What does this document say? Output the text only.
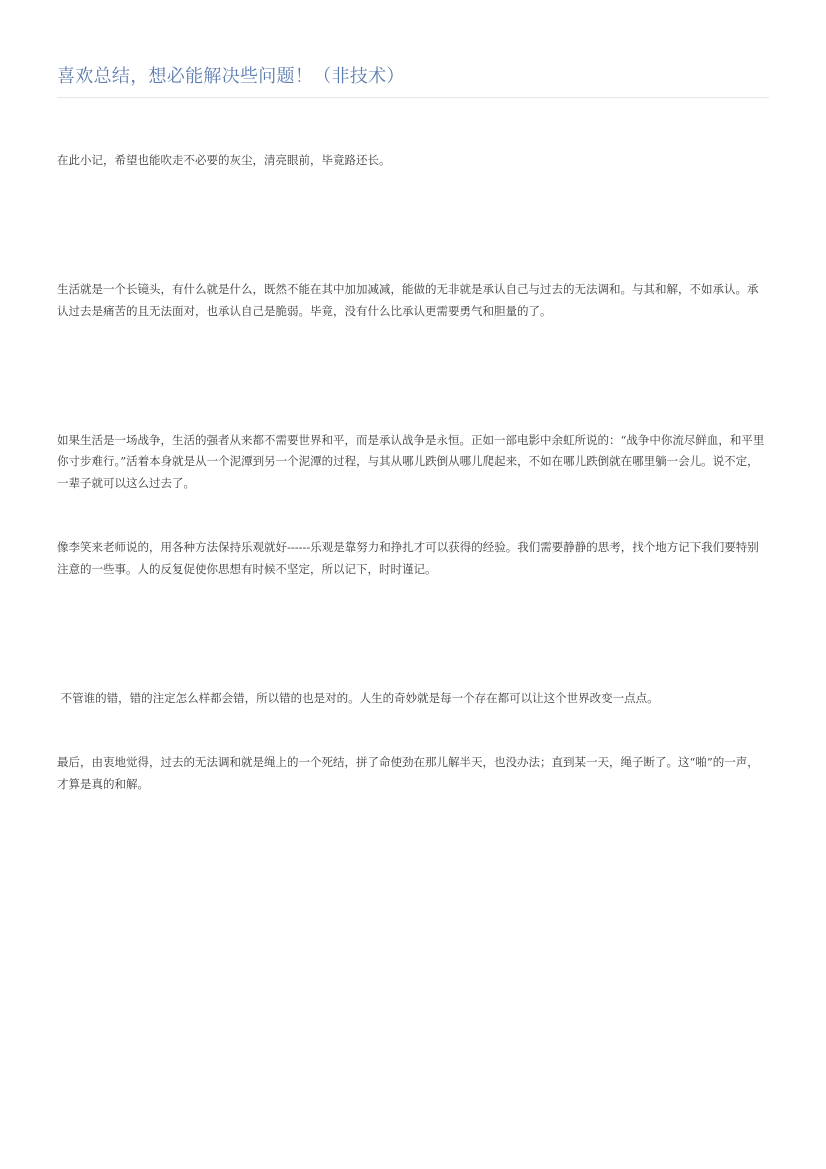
喜欢总结，想必能解决些问题！（非技术）

在此小记，希望也能吹走不必要的灰尘，清亮眼前，毕竟路还长。

生活就是一个长镜头，有什么就是什么，既然不能在其中加加减减，能做的无非就是承认自己与过去的无法调和。与其和解，不如承认。承认过去是痛苦的且无法面对，也承认自己是脆弱。毕竟，没有什么比承认更需要勇气和胆量的了。

如果生活是一场战争，生活的强者从来都不需要世界和平，而是承认战争是永恒。正如一部电影中余虹所说的：“战争中你流尽鲜血，和平里你寸步难行。”活着本身就是从一个泥潭到另一个泥潭的过程，与其从哪儿跌倒从哪儿爬起来，不如在哪儿跌倒就在哪里躺一会儿。说不定，一辈子就可以这么过去了。

像李笑来老师说的，用各种方法保持乐观就好------乐观是靠努力和挣扎才可以获得的经验。我们需要静静的思考，找个地方记下我们要特别注意的一些事。人的反复促使你思想有时候不坚定，所以记下，时时谨记。

不管谁的错，错的注定怎么样都会错，所以错的也是对的。人生的奇妙就是每一个存在都可以让这个世界改变一点点。

最后，由衷地觉得，过去的无法调和就是绳上的一个死结，拼了命使劲在那儿解半天，也没办法；直到某一天，绳子断了。这“啪”的一声，才算是真的和解。
